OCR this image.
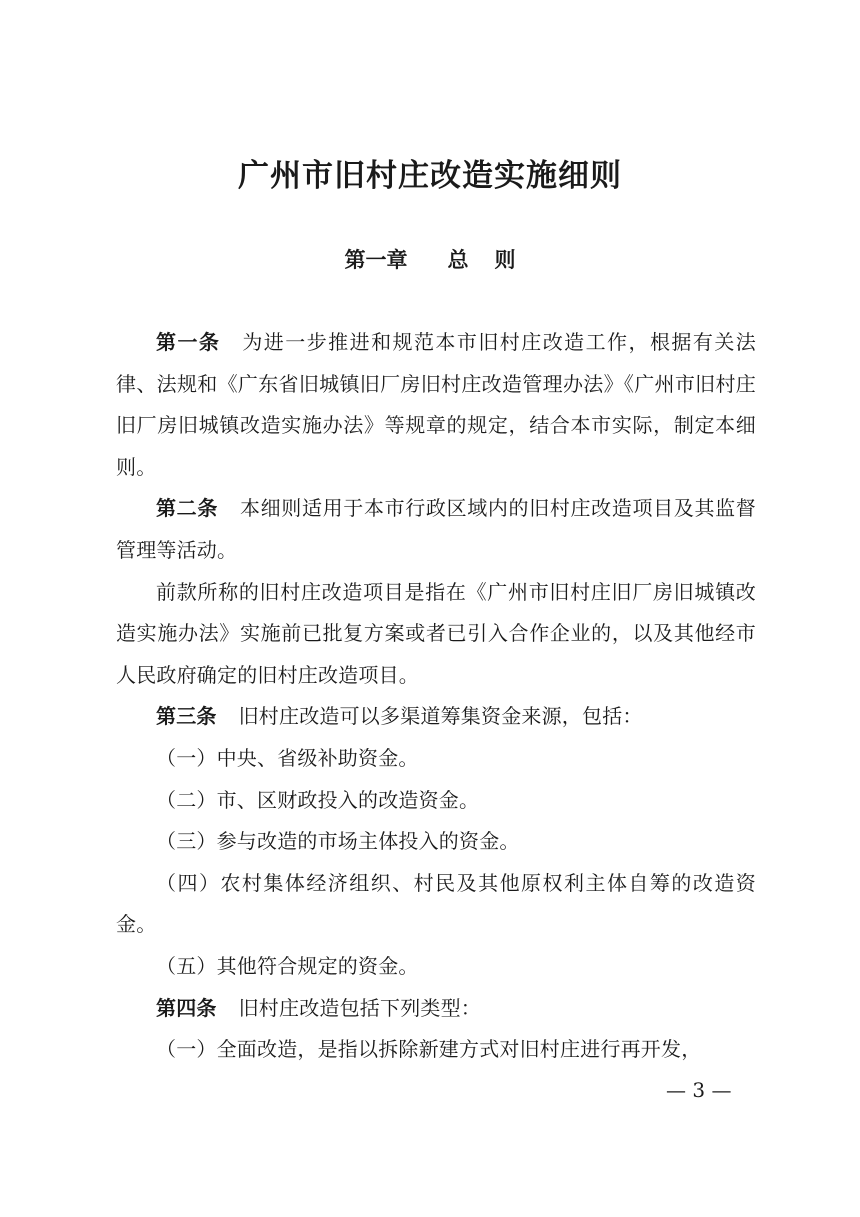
广州市旧村庄改造实施细则
第一章 总 则

第一条 为进一步推进和规范本市旧村庄改造工作，根据有关法律、法规和《广东省旧城镇旧厂房旧村庄改造管理办法》《广州市旧村庄旧厂房旧城镇改造实施办法》等规章的规定，结合本市实际，制定本细则。

第二条 本细则适用于本市行政区域内的旧村庄改造项目及其监督管理等活动。

前款所称的旧村庄改造项目是指在《广州市旧村庄旧厂房旧城镇改造实施办法》实施前已批复方案或者已引入合作企业的，以及其他经市人民政府确定的旧村庄改造项目。

第三条 旧村庄改造可以多渠道筹集资金来源，包括：

（一）中央、省级补助资金。

（二）市、区财政投入的改造资金。

（三）参与改造的市场主体投入的资金。

（四）农村集体经济组织、村民及其他原权利主体自筹的改造资金。

（五）其他符合规定的资金。

第四条 旧村庄改造包括下列类型：

（一）全面改造，是指以拆除新建方式对旧村庄进行再开发，

— 3 —
